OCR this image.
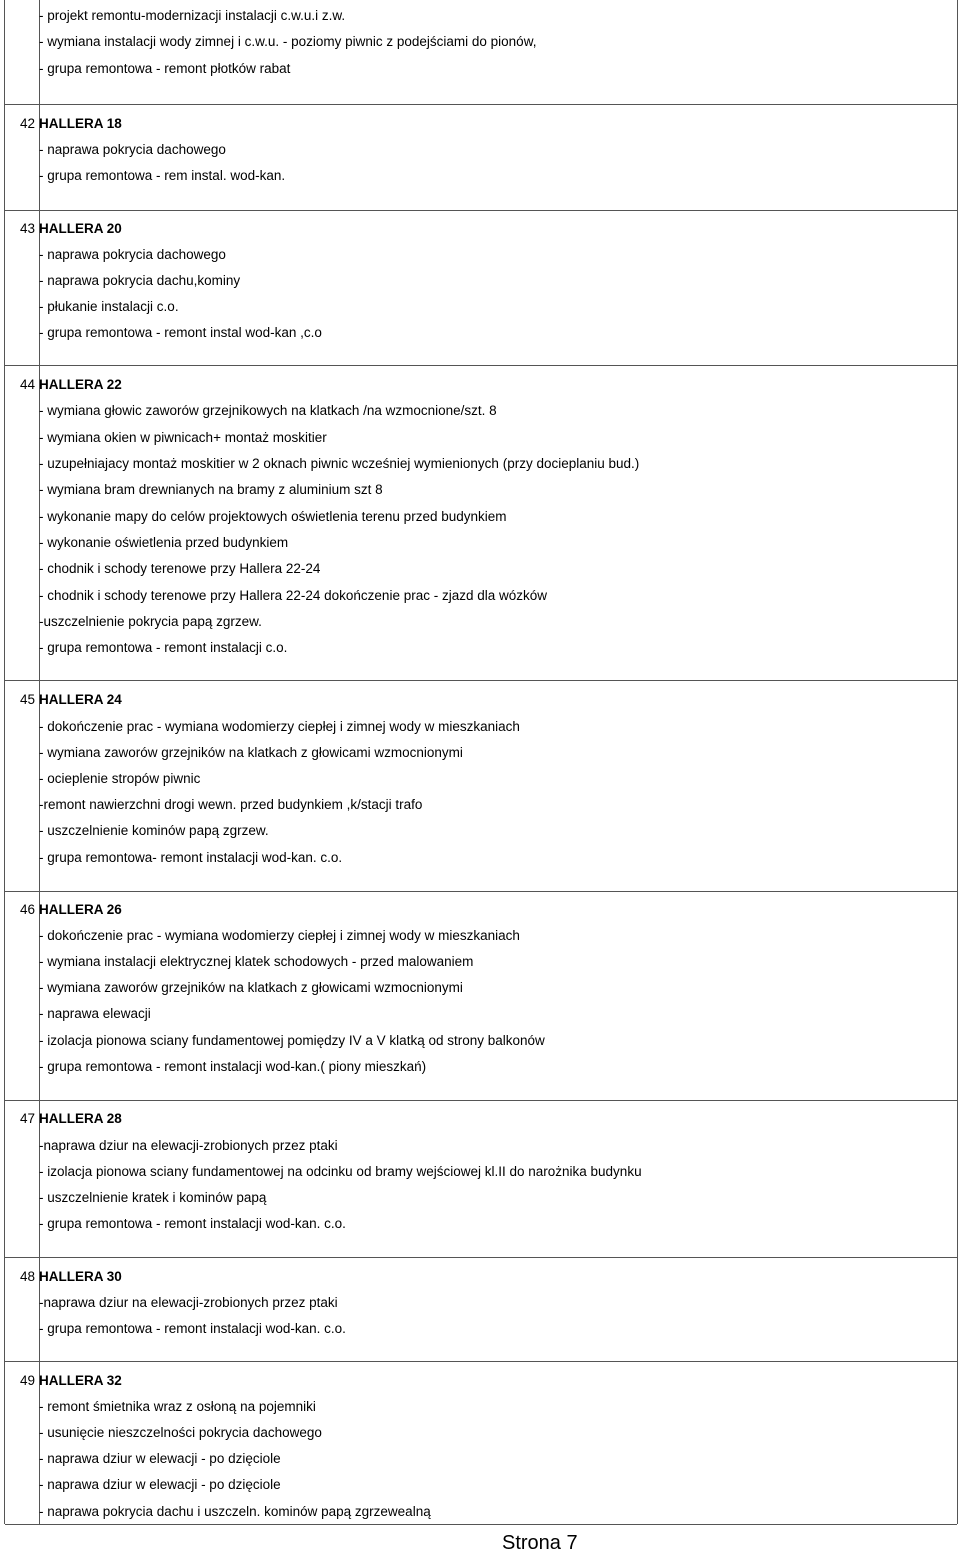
- projekt remontu-modernizacji instalacji c.w.u.i z.w.
- wymiana instalacji wody zimnej i c.w.u. - poziomy piwnic z podejściami do pionów,
- grupa remontowa - remont płotków rabat
42 HALLERA 18
- naprawa pokrycia dachowego
- grupa remontowa - rem instal. wod-kan.
43 HALLERA 20
- naprawa pokrycia dachowego
- naprawa pokrycia dachu,kominy
- płukanie instalacji c.o.
- grupa remontowa - remont instal wod-kan ,c.o
44 HALLERA 22
- wymiana głowic zaworów grzejnikowych na klatkach /na wzmocnione/szt. 8
- wymiana okien w piwnicach+ montaż moskitier
- uzupełniajacy montaż moskitier w 2 oknach piwnic wcześniej wymienionych (przy docieplaniu bud.)
- wymiana bram drewnianych na bramy z aluminium szt 8
- wykonanie mapy do celów projektowych oświetlenia terenu przed budynkiem
- wykonanie oświetlenia przed budynkiem
- chodnik i schody terenowe przy Hallera 22-24
- chodnik i schody terenowe przy Hallera 22-24 dokończenie prac - zjazd dla wózków
-uszczelnienie pokrycia papą zgrzew.
- grupa remontowa - remont instalacji c.o.
45 HALLERA 24
- dokończenie prac - wymiana wodomierzy ciepłej i zimnej wody w mieszkaniach
- wymiana zaworów grzejników na klatkach z głowicami wzmocnionymi
- ocieplenie stropów piwnic
-remont nawierzchni drogi wewn. przed budynkiem ,k/stacji trafo
- uszczelnienie kominów papą zgrzew.
- grupa remontowa- remont instalacji wod-kan. c.o.
46 HALLERA 26
- dokończenie prac - wymiana wodomierzy ciepłej i zimnej wody w mieszkaniach
- wymiana instalacji elektrycznej klatek schodowych - przed malowaniem
- wymiana zaworów grzejników na klatkach z głowicami wzmocnionymi
- naprawa elewacji
- izolacja pionowa sciany fundamentowej pomiędzy IV a V klatką od strony balkonów
- grupa remontowa - remont instalacji wod-kan.( piony mieszkań)
47 HALLERA 28
-naprawa dziur na elewacji-zrobionych przez ptaki
- izolacja pionowa sciany fundamentowej na odcinku od bramy wejściowej kl.II do narożnika budynku
- uszczelnienie kratek i kominów papą
- grupa remontowa - remont instalacji wod-kan. c.o.
48 HALLERA 30
-naprawa dziur na elewacji-zrobionych przez ptaki
- grupa remontowa - remont instalacji wod-kan. c.o.
49 HALLERA 32
- remont śmietnika wraz z osłoną na pojemniki
- usunięcie nieszczelności pokrycia dachowego
- naprawa dziur w elewacji - po dzięciole
- naprawa dziur w elewacji - po dzięciole
- naprawa pokrycia dachu i uszczeln. kominów papą zgrzewealną
Strona 7
